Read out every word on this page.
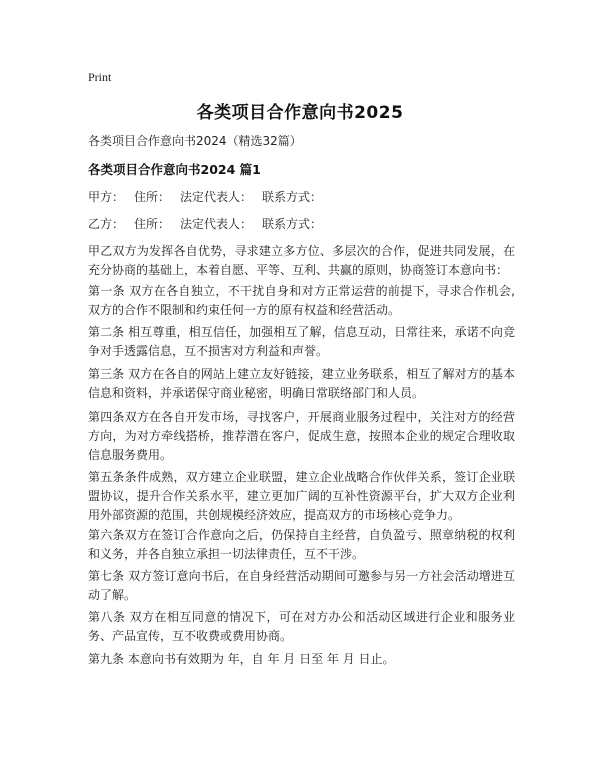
Print
各类项目合作意向书2025
各类项目合作意向书2024（精选32篇）
各类项目合作意向书2024 篇1
甲方： 住所： 法定代表人： 联系方式：
乙方： 住所： 法定代表人： 联系方式：

甲乙双方为发挥各自优势，寻求建立多方位、多层次的合作，促进共同发展，在充分协商的基础上，本着自愿、平等、互利、共赢的原则，协商签订本意向书：

第一条 双方在各自独立，不干扰自身和对方正常运营的前提下，寻求合作机会,双方的合作不限制和约束任何一方的原有权益和经营活动。

第二条 相互尊重，相互信任，加强相互了解，信息互动，日常往来，承诺不向竞争对手透露信息，互不损害对方利益和声誉。

第三条 双方在各自的网站上建立友好链接，建立业务联系，相互了解对方的基本信息和资料，并承诺保守商业秘密，明确日常联络部门和人员。

第四条双方在各自开发市场，寻找客户，开展商业服务过程中，关注对方的经营方向，为对方牵线搭桥，推荐潜在客户，促成生意，按照本企业的规定合理收取信息服务费用。

第五条条件成熟，双方建立企业联盟，建立企业战略合作伙伴关系，签订企业联盟协议，提升合作关系水平，建立更加广阔的互补性资源平台，扩大双方企业利用外部资源的范围，共创规模经济效应，提高双方的市场核心竞争力。

第六条双方在签订合作意向之后，仍保持自主经营，自负盈亏、照章纳税的权利和义务，并各自独立承担一切法律责任，互不干涉。

第七条 双方签订意向书后，在自身经营活动期间可邀参与另一方社会活动增进互动了解。

第八条 双方在相互同意的情况下，可在对方办公和活动区域进行企业和服务业务、产品宣传，互不收费或费用协商。

第九条 本意向书有效期为 年，自 年 月 日至 年 月 日止。
